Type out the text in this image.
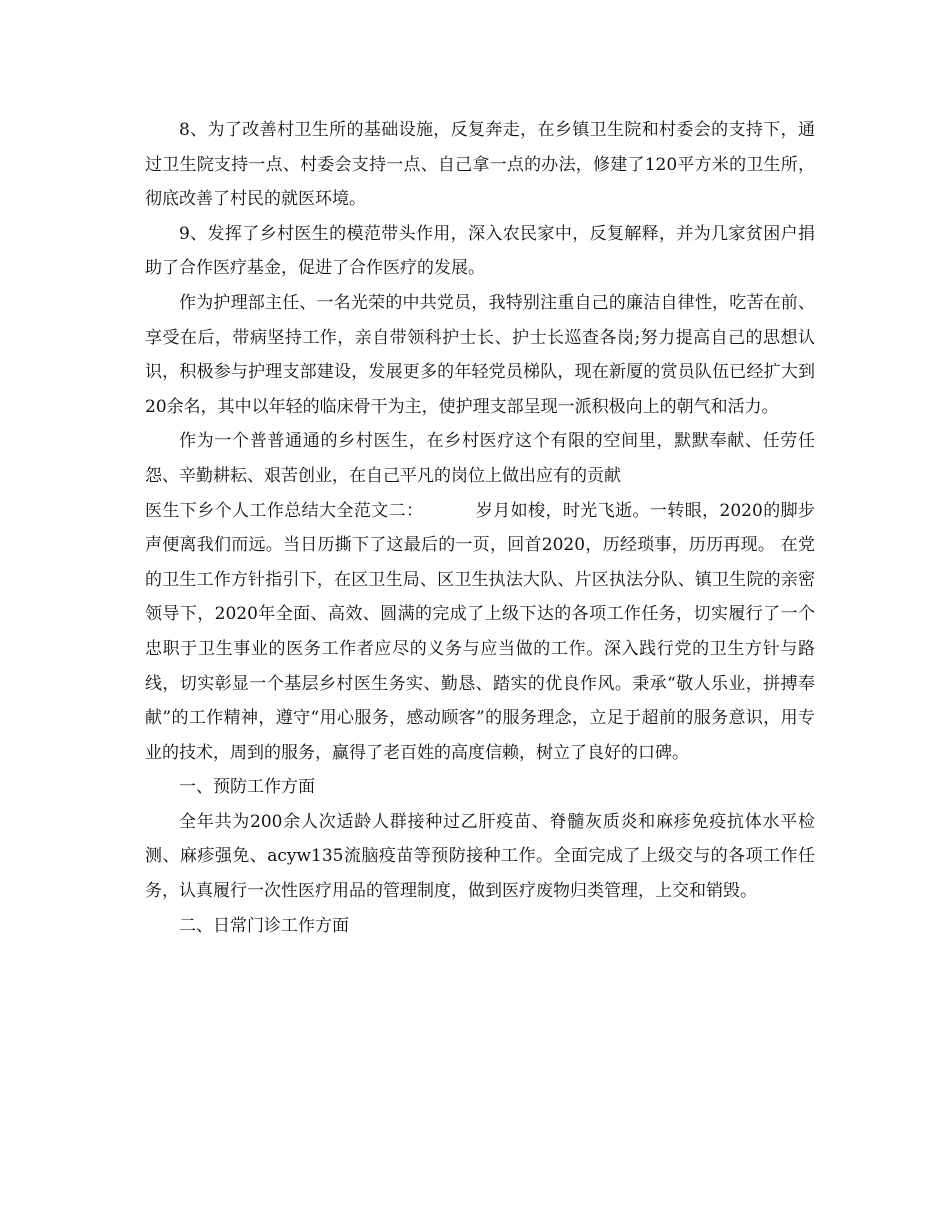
8、为了改善村卫生所的基础设施，反复奔走，在乡镇卫生院和村委会的支持下，通过卫生院支持一点、村委会支持一点、自己拿一点的办法，修建了120平方米的卫生所，彻底改善了村民的就医环境。

9、发挥了乡村医生的模范带头作用，深入农民家中，反复解释，并为几家贫困户捐助了合作医疗基金，促进了合作医疗的发展。

作为护理部主任、一名光荣的中共党员，我特别注重自己的廉洁自律性，吃苦在前、享受在后，带病坚持工作，亲自带领科护士长、护士长巡查各岗;努力提高自己的思想认识，积极参与护理支部建设，发展更多的年轻党员梯队，现在新厦的赏员队伍已经扩大到20余名，其中以年轻的临床骨干为主，使护理支部呈现一派积极向上的朝气和活力。

作为一个普普通通的乡村医生，在乡村医疗这个有限的空间里，默默奉献、任劳任怨、辛勤耕耘、艰苦创业，在自己平凡的岗位上做出应有的贡献

医生下乡个人工作总结大全范文二：	岁月如梭，时光飞逝。一转眼，2020的脚步声便离我们而远。当日历撕下了这最后的一页，回首2020，历经琐事，历历再现。 在党的卫生工作方针指引下，在区卫生局、区卫生执法大队、片区执法分队、镇卫生院的亲密领导下，2020年全面、高效、圆满的完成了上级下达的各项工作任务，切实履行了一个忠职于卫生事业的医务工作者应尽的义务与应当做的工作。深入践行党的卫生方针与路线，切实彰显一个基层乡村医生务实、勤恳、踏实的优良作风。秉承“敬人乐业，拼搏奉献”的工作精神，遵守“用心服务，感动顾客”的服务理念，立足于超前的服务意识，用专业的技术，周到的服务，赢得了老百姓的高度信赖，树立了良好的口碑。

一、预防工作方面

全年共为200余人次适龄人群接种过乙肝疫苗、脊髓灰质炎和麻疹免疫抗体水平检测、麻疹强免、acyw135流脑疫苗等预防接种工作。全面完成了上级交与的各项工作任务，认真履行一次性医疗用品的管理制度，做到医疗废物归类管理，上交和销毁。

二、日常门诊工作方面
